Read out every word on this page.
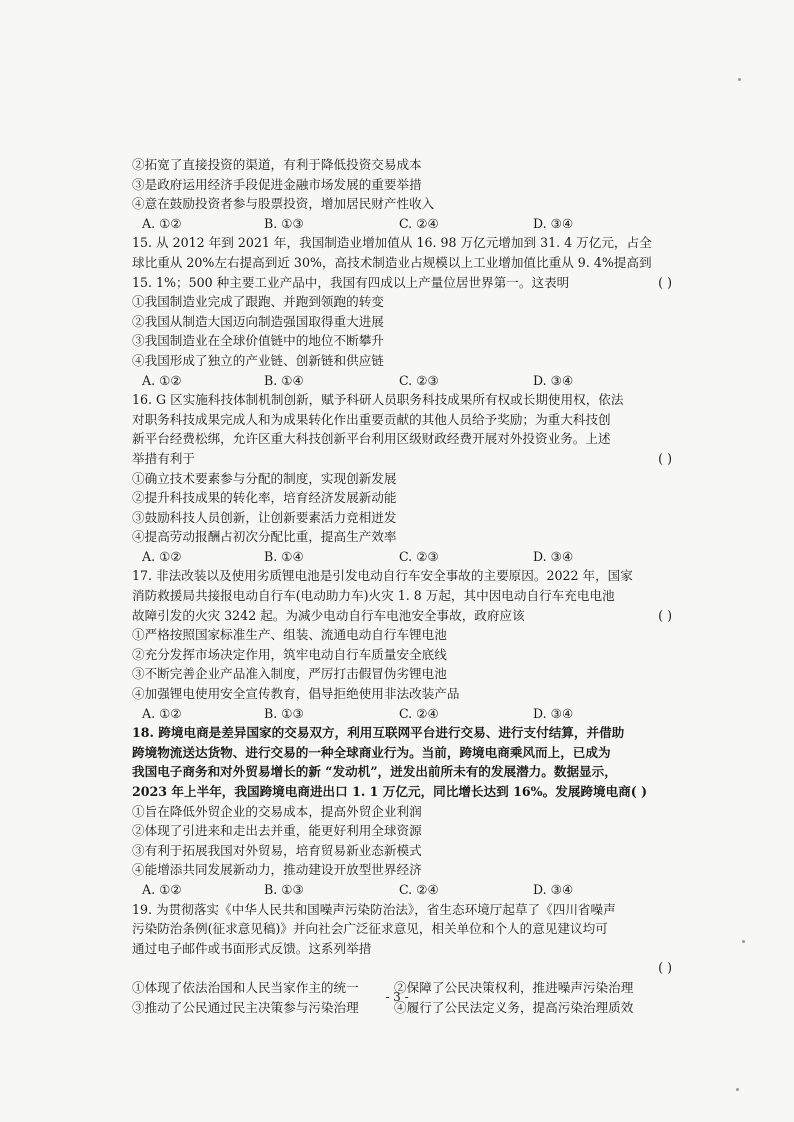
②拓宽了直接投资的渠道，有利于降低投资交易成本
③是政府运用经济手段促进金融市场发展的重要举措
④意在鼓励投资者参与股票投资，增加居民财产性收入
A. ①②	B. ①③	C. ②④	D. ③④
15. 从 2012 年到 2021 年，我国制造业增加值从 16. 98 万亿元增加到 31. 4 万亿元，占全
球比重从 20%左右提高到近 30%，高技术制造业占规模以上工业增加值比重从 9. 4%提高到
15. 1%；500 种主要工业产品中，我国有四成以上产量位居世界第一。这表明	( )
①我国制造业完成了跟跑、并跑到领跑的转变
②我国从制造大国迈向制造强国取得重大进展
③我国制造业在全球价值链中的地位不断攀升
④我国形成了独立的产业链、创新链和供应链
A. ①②	B. ①④	C. ②③	D. ③④
16. G 区实施科技体制机制创新，赋予科研人员职务科技成果所有权或长期使用权，依法
对职务科技成果完成人和为成果转化作出重要贡献的其他人员给予奖励；为重大科技创
新平台经费松绑，允许区重大科技创新平台利用区级财政经费开展对外投资业务。上述
举措有利于	( )
①确立技术要素参与分配的制度，实现创新发展
②提升科技成果的转化率，培育经济发展新动能
③鼓励科技人员创新，让创新要素活力竞相迸发
④提高劳动报酬占初次分配比重，提高生产效率
A. ①②	B. ①④	C. ②③	D. ③④
17. 非法改装以及使用劣质锂电池是引发电动自行车安全事故的主要原因。2022 年，国家
消防救援局共接报电动自行车(电动助力车)火灾 1. 8 万起，其中因电动自行车充电电池
故障引发的火灾 3242 起。为减少电动自行车电池安全事故，政府应该	( )
①严格按照国家标准生产、组装、流通电动自行车锂电池
②充分发挥市场决定作用，筑牢电动自行车质量安全底线
③不断完善企业产品准入制度，严厉打击假冒伪劣锂电池
④加强锂电使用安全宣传教育，倡导拒绝使用非法改装产品
A. ①②	B. ①③	C. ②④	D. ③④
18. 跨境电商是差异国家的交易双方，利用互联网平台进行交易、进行支付结算，并借助
跨境物流送达货物、进行交易的一种全球商业行为。当前，跨境电商乘风而上，已成为
我国电子商务和对外贸易增长的新 “发动机”，迸发出前所未有的发展潜力。数据显示，
2023 年上半年，我国跨境电商进出口 1. 1 万亿元，同比增长达到 16%。发展跨境电商( )
①旨在降低外贸企业的交易成本，提高外贸企业利润
②体现了引进来和走出去并重，能更好利用全球资源
③有利于拓展我国对外贸易，培育贸易新业态新模式
④能增添共同发展新动力，推动建设开放型世界经济
A. ①②	B. ①③	C. ②④	D. ③④
19. 为贯彻落实《中华人民共和国噪声污染防治法》，省生态环境厅起草了《四川省噪声
污染防治条例(征求意见稿)》并向社会广泛征求意见，相关单位和个人的意见建议均可
通过电子邮件或书面形式反馈。这系列举措
( )
①体现了依法治国和人民当家作主的统一	②保障了公民决策权利，推进噪声污染治理
③推动了公民通过民主决策参与污染治理	④履行了公民法定义务，提高污染治理质效
- 3 -
